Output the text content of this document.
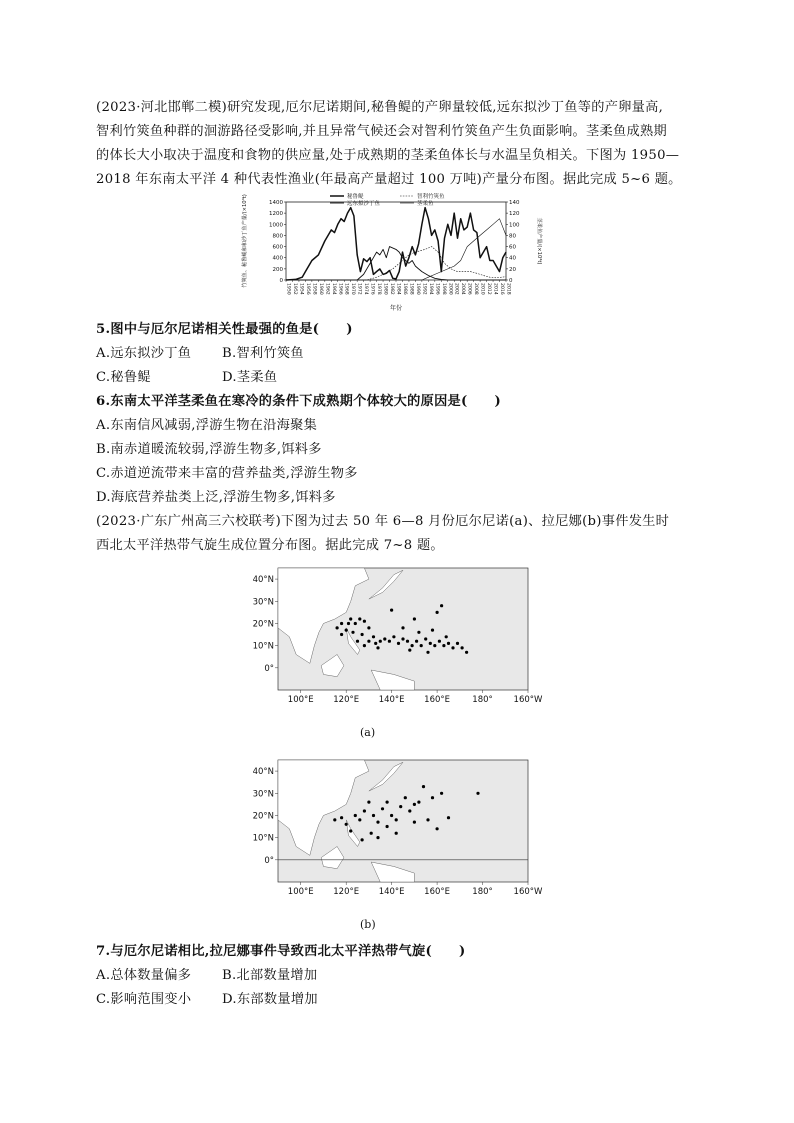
(2023·河北邯郸二模)研究发现,厄尔尼诺期间,秘鲁鳀的产卵量较低,远东拟沙丁鱼等的产卵量高,
智利竹筴鱼种群的洄游路径受影响,并且异常气候还会对智利竹筴鱼产生负面影响。茎柔鱼成熟期
的体长大小取决于温度和食物的供应量,处于成熟期的茎柔鱼体长与水温呈负相关。下图为 1950—
2018 年东南太平洋 4 种代表性渔业(年最高产量超过 100 万吨)产量分布图。据此完成 5~6 题。
1400
1200
1000
800
600
400
200
0
140
120
100
80
60
40
20
0
1950 1952 1954 1956 1958 1960 1962 1964 1966 1968 1970 1972 1974 1976 1978 1980 1982 1984 1986 1988 1990 1992 1994 1996 1998 2000 2002 2004 2006 2008 2010 2012 2014 2016 2018
年份
竹筴鱼、秘鲁鳀和和沙丁鱼产量/(×10⁴t)	茎柔鱼产量/(×10⁴t)
秘鲁鳀	智利竹筴鱼
远东拟沙丁鱼	茎柔鱼
5.图中与厄尔尼诺相关性最强的鱼是(　　)
A.远东拟沙丁鱼 B.智利竹筴鱼
C.秘鲁鳀	D.茎柔鱼
6.东南太平洋茎柔鱼在寒冷的条件下成熟期个体较大的原因是(　　)
A.东南信风减弱,浮游生物在沿海聚集
B.南赤道暖流较弱,浮游生物多,饵料多
C.赤道逆流带来丰富的营养盐类,浮游生物多
D.海底营养盐类上泛,浮游生物多,饵料多
(2023·广东广州高三六校联考)下图为过去 50 年 6—8 月份厄尔尼诺(a)、拉尼娜(b)事件发生时
西北太平洋热带气旋生成位置分布图。据此完成 7~8 题。
40°N
30°N
20°N
10°N
0°
100°E 120°E 140°E 160°E	180° 160°W
(a)
40°N
30°N
20°N
10°N
0°
100°E 120°E 140°E 160°E	180° 160°W
(b)
7.与厄尔尼诺相比,拉尼娜事件导致西北太平洋热带气旋(　　)
A.总体数量偏多 B.北部数量增加
C.影响范围变小 D.东部数量增加
